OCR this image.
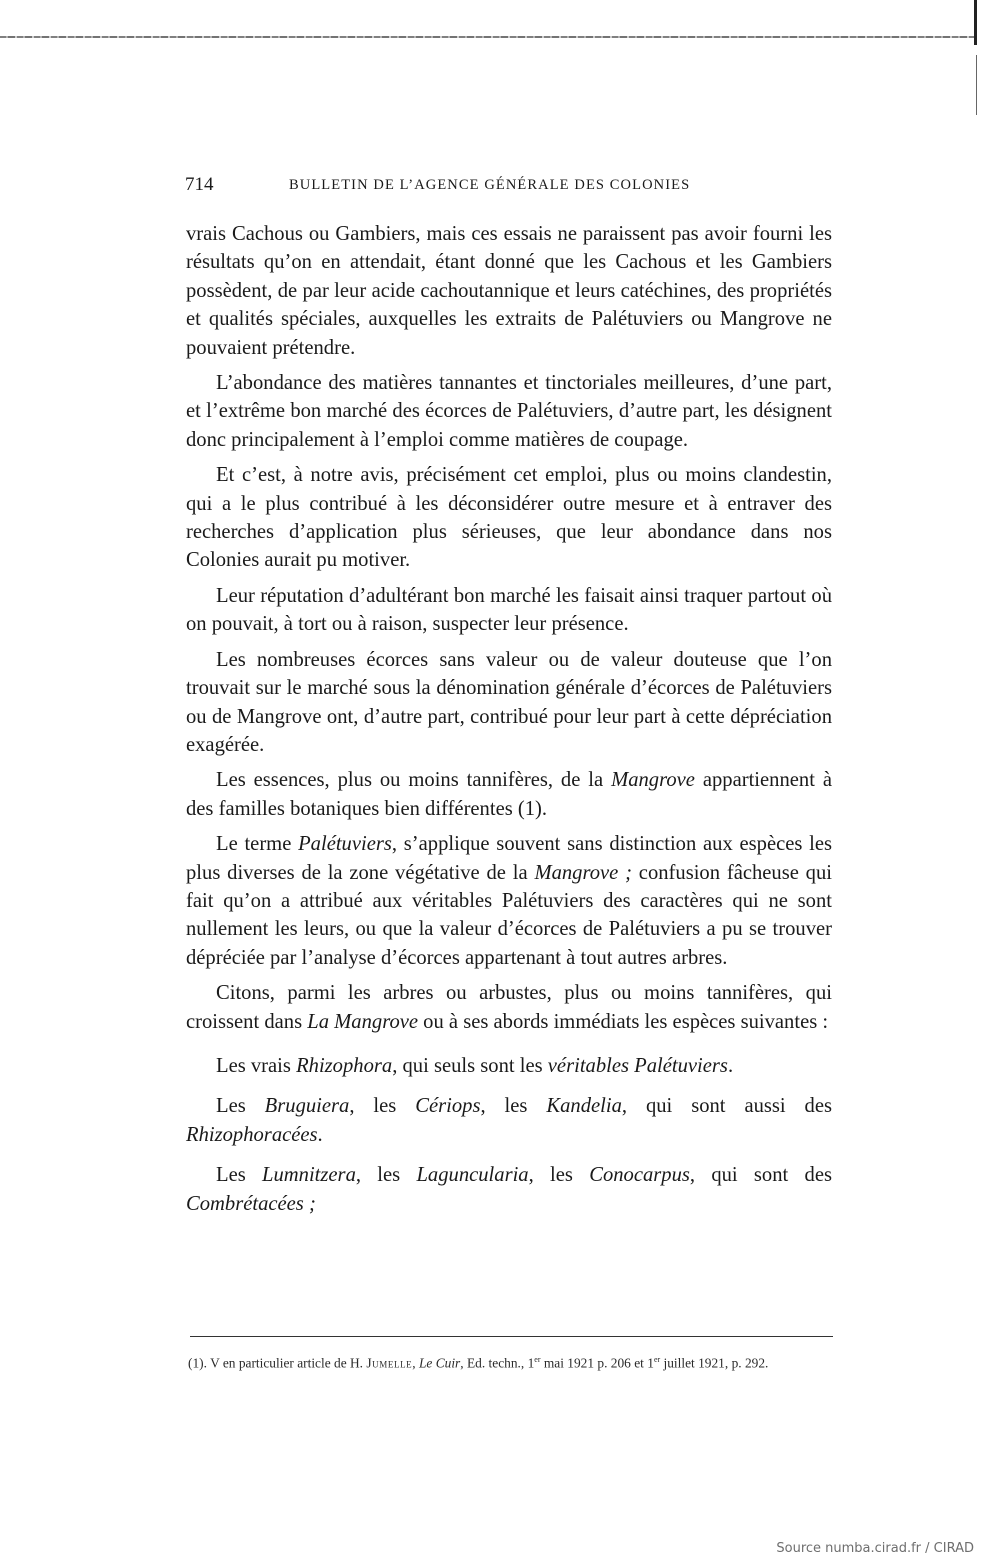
714	BULLETIN DE L’AGENCE GÉNÉRALE DES COLONIES

vrais Cachous ou Gambiers, mais ces essais ne paraissent pas avoir fourni les résultats qu’on en attendait, étant donné que les Cachous et les Gambiers possèdent, de par leur acide cachoutannique et leurs catéchines, des propriétés et qualités spéciales, auxquelles les extraits de Palétuviers ou Mangrove ne pouvaient prétendre.

L’abondance des matières tannantes et tinctoriales meilleures, d’une part, et l’extrême bon marché des écorces de Palétuviers, d’autre part, les désignent donc principalement à l’emploi comme matières de coupage.

Et c’est, à notre avis, précisément cet emploi, plus ou moins clandestin, qui a le plus contribué à les déconsidérer outre mesure et à entraver des recherches d’application plus sérieuses, que leur abondance dans nos Colonies aurait pu motiver.

Leur réputation d’adultérant bon marché les faisait ainsi traquer partout où on pouvait, à tort ou à raison, suspecter leur présence.

Les nombreuses écorces sans valeur ou de valeur douteuse que l’on trouvait sur le marché sous la dénomination générale d’écorces de Palétuviers ou de Mangrove ont, d’autre part, contribué pour leur part à cette dépréciation exagérée.

Les essences, plus ou moins tannifères, de la Mangrove appartiennent à des familles botaniques bien différentes (1).

Le terme Palétuviers, s’applique souvent sans distinction aux espèces les plus diverses de la zone végétative de la Mangrove ; confusion fâcheuse qui fait qu’on a attribué aux véritables Palétuviers des caractères qui ne sont nullement les leurs, ou que la valeur d’écorces de Palétuviers a pu se trouver dépréciée par l’analyse d’écorces appartenant à tout autres arbres.

Citons, parmi les arbres ou arbustes, plus ou moins tannifères, qui croissent dans La Mangrove ou à ses abords immédiats les espèces suivantes :

Les vrais Rhizophora, qui seuls sont les véritables Palétuviers.

Les Bruguiera, les Cériops, les Kandelia, qui sont aussi des Rhizophoracées.

Les Lumnitzera, les Laguncularia, les Conocarpus, qui sont des Combrétacées ;

(1). V en particulier article de H. Jumelle, Le Cuir, Ed. techn., 1er mai 1921 p. 206 et 1er juillet 1921, p. 292.
Source numba.cirad.fr / CIRAD
